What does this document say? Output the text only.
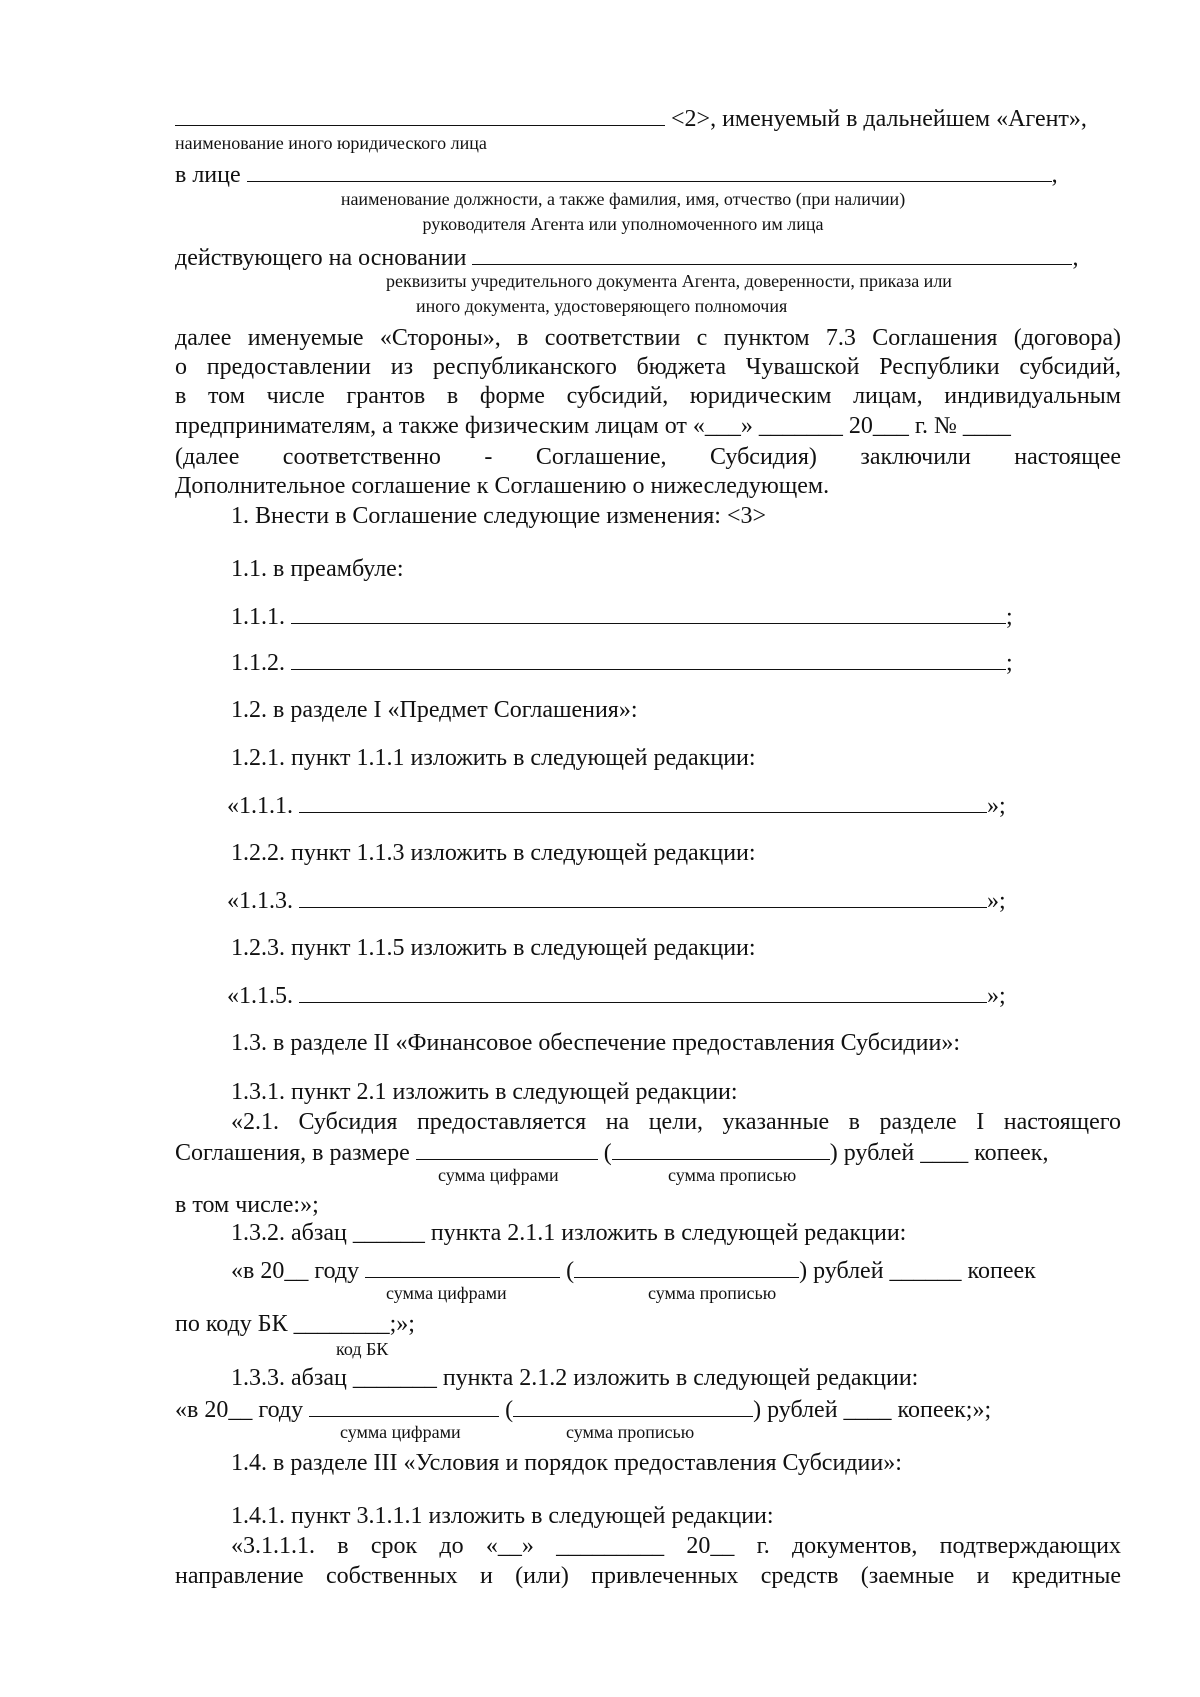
<2>, именуемый в дальнейшем «Агент»,
наименование иного юридического лица
в лице	,
наименование должности, а также фамилия, имя, отчество (при наличии)
руководителя Агента или уполномоченного им лица
действующего на основании	,
реквизиты учредительного документа Агента, доверенности, приказа или
иного документа, удостоверяющего полномочия
далее именуемые «Стороны», в соответствии с пунктом 7.3 Соглашения (договора)
о предоставлении из республиканского бюджета Чувашской Республики субсидий,
в том числе грантов в форме субсидий, юридическим лицам, индивидуальным
предпринимателям, а также физическим лицам от «___» _______ 20___ г. № ____
(далее соответственно - Соглашение, Субсидия) заключили настоящее
Дополнительное соглашение к Соглашению о нижеследующем.
1. Внести в Соглашение следующие изменения: <3>
1.1. в преамбуле:
1.1.1.	;
1.1.2.	;
1.2. в разделе I «Предмет Соглашения»:
1.2.1. пункт 1.1.1 изложить в следующей редакции:
«1.1.1.	»;
1.2.2. пункт 1.1.3 изложить в следующей редакции:
«1.1.3.	»;
1.2.3. пункт 1.1.5 изложить в следующей редакции:
«1.1.5.	»;
1.3. в разделе II «Финансовое обеспечение предоставления Субсидии»:
1.3.1. пункт 2.1 изложить в следующей редакции:
«2.1. Субсидия предоставляется на цели, указанные в разделе I настоящего
Соглашения, в размере	(	) рублей ____ копеек,
сумма цифрами	сумма прописью
в том числе:»;
1.3.2. абзац ______ пункта 2.1.1 изложить в следующей редакции:
«в 20__ году	(	) рублей ______ копеек
сумма цифрами	сумма прописью
по коду БК ________;»;
код БК
1.3.3. абзац _______ пункта 2.1.2 изложить в следующей редакции:
«в 20__ году	(	) рублей ____ копеек;»;
сумма цифрами	сумма прописью
1.4. в разделе III «Условия и порядок предоставления Субсидии»:
1.4.1. пункт 3.1.1.1 изложить в следующей редакции:
«3.1.1.1. в срок до «__» _________ 20__ г. документов, подтверждающих
направление собственных и (или) привлеченных средств (заемные и кредитные
